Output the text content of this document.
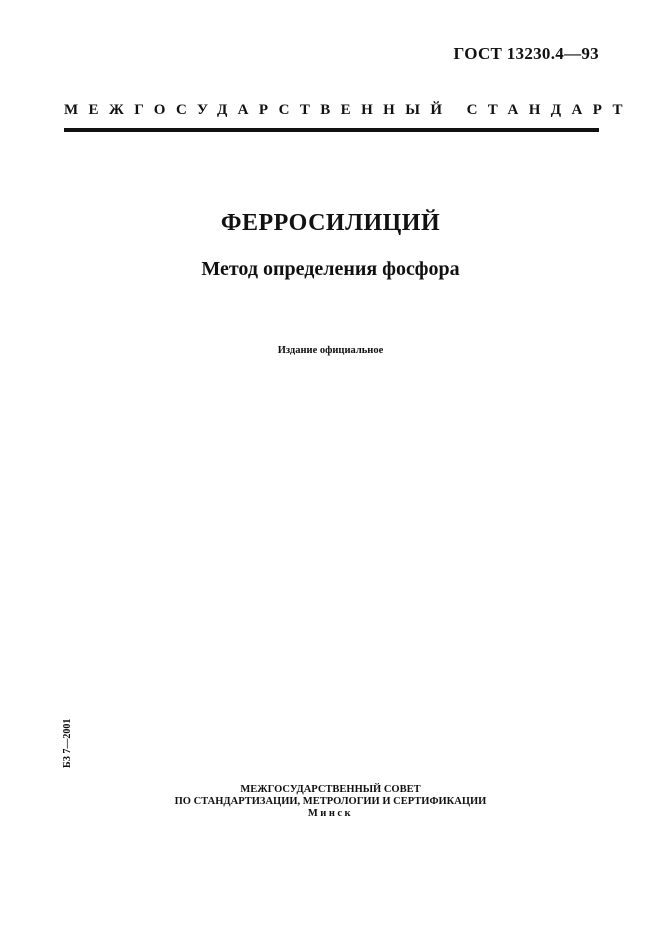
ГОСТ 13230.4—93
МЕЖГОСУДАРСТВЕННЫЙ СТАНДАРТ
ФЕРРОСИЛИЦИЙ
Метод определения фосфора
Издание официальное
БЗ 7—2001
МЕЖГОСУДАРСТВЕННЫЙ СОВЕТ
ПО СТАНДАРТИЗАЦИИ, МЕТРОЛОГИИ И СЕРТИФИКАЦИИ
Минск
